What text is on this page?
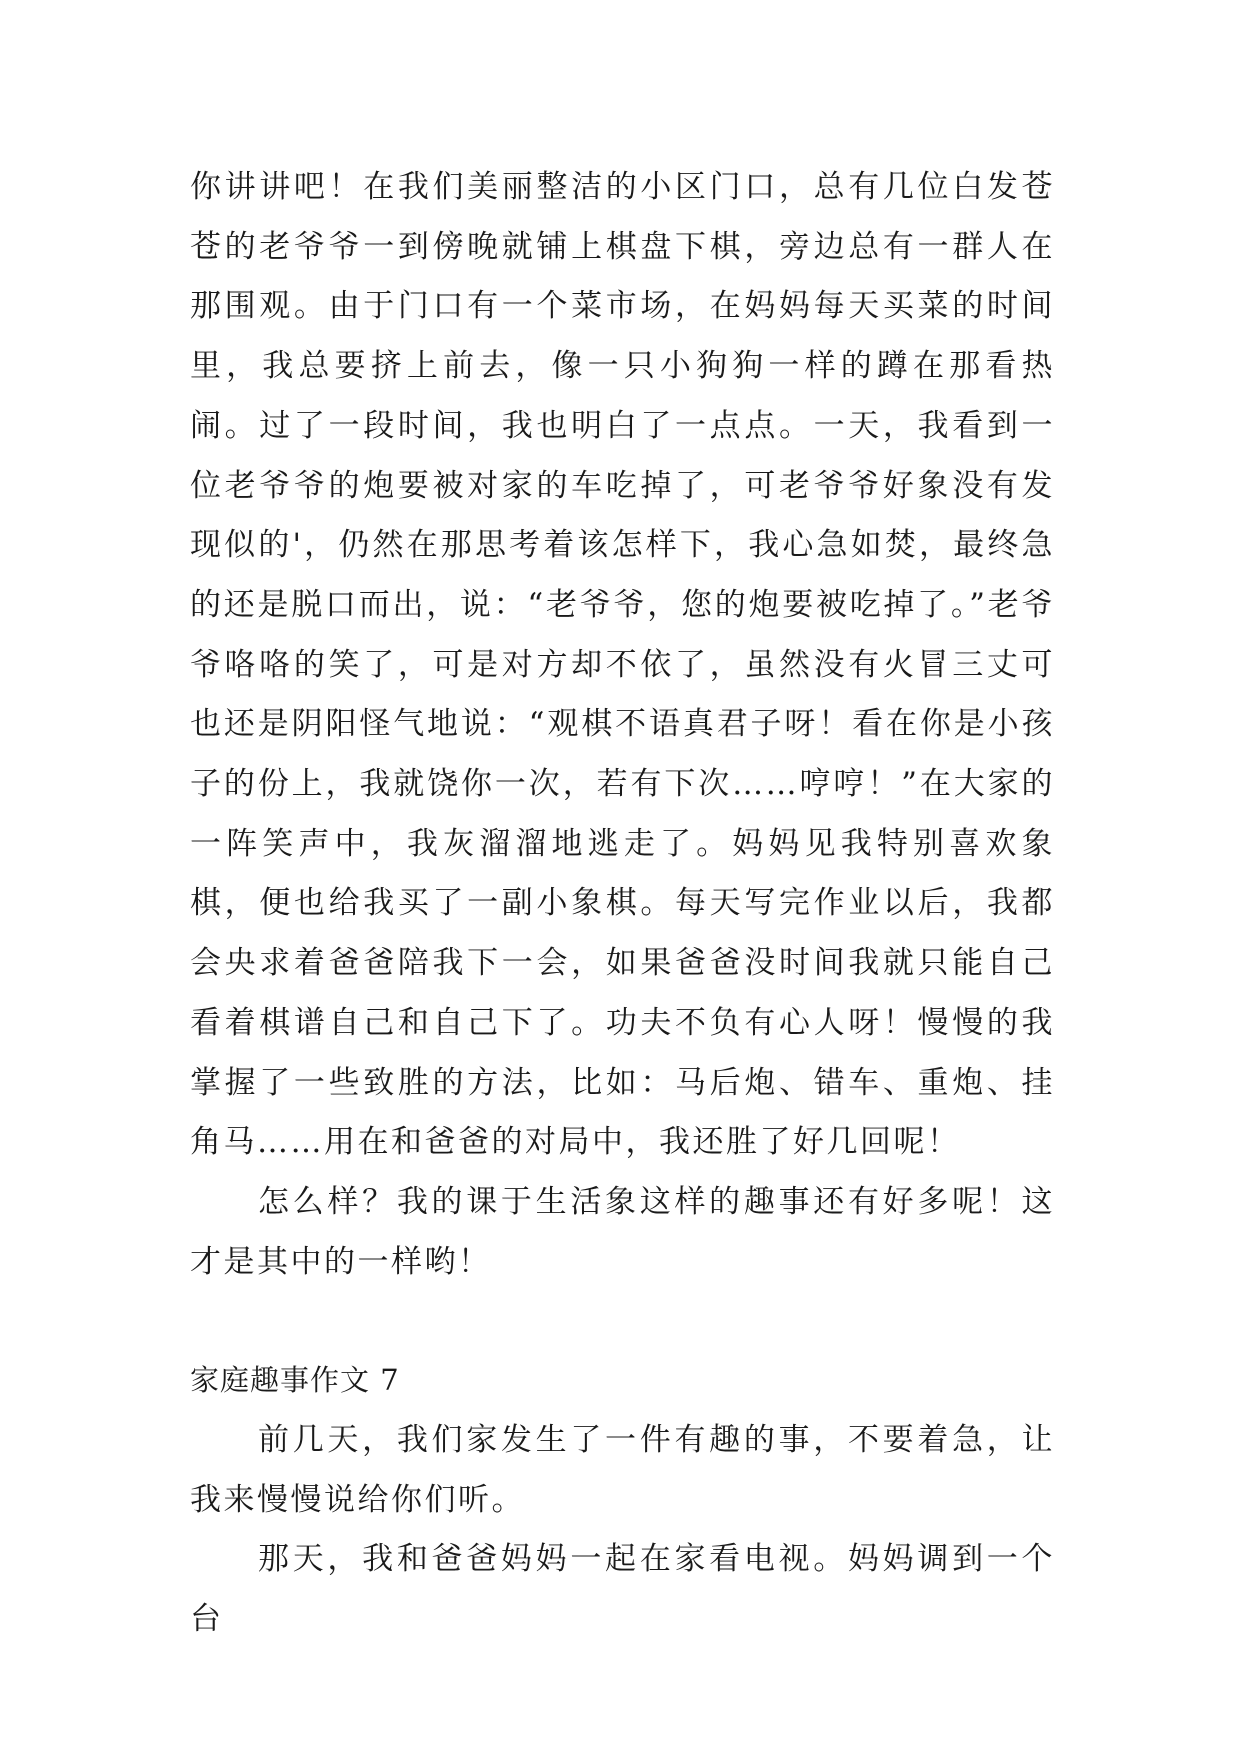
你讲讲吧！在我们美丽整洁的小区门口，总有几位白发苍苍的老爷爷一到傍晚就铺上棋盘下棋，旁边总有一群人在那围观。由于门口有一个菜市场，在妈妈每天买菜的时间里，我总要挤上前去，像一只小狗狗一样的蹲在那看热闹。过了一段时间，我也明白了一点点。一天，我看到一位老爷爷的炮要被对家的车吃掉了，可老爷爷好象没有发现似的'，仍然在那思考着该怎样下，我心急如焚，最终急的还是脱口而出，说：“老爷爷，您的炮要被吃掉了。”老爷爷咯咯的笑了，可是对方却不依了，虽然没有火冒三丈可也还是阴阳怪气地说：“观棋不语真君子呀！看在你是小孩子的份上，我就饶你一次，若有下次……哼哼！”在大家的一阵笑声中，我灰溜溜地逃走了。妈妈见我特别喜欢象棋，便也给我买了一副小象棋。每天写完作业以后，我都会央求着爸爸陪我下一会，如果爸爸没时间我就只能自己看着棋谱自己和自己下了。功夫不负有心人呀！慢慢的我掌握了一些致胜的方法，比如：马后炮、错车、重炮、挂角马……用在和爸爸的对局中，我还胜了好几回呢！

怎么样？我的课于生活象这样的趣事还有好多呢！这才是其中的一样哟！

家庭趣事作文 7

前几天，我们家发生了一件有趣的事，不要着急，让我来慢慢说给你们听。

那天，我和爸爸妈妈一起在家看电视。妈妈调到一个台
